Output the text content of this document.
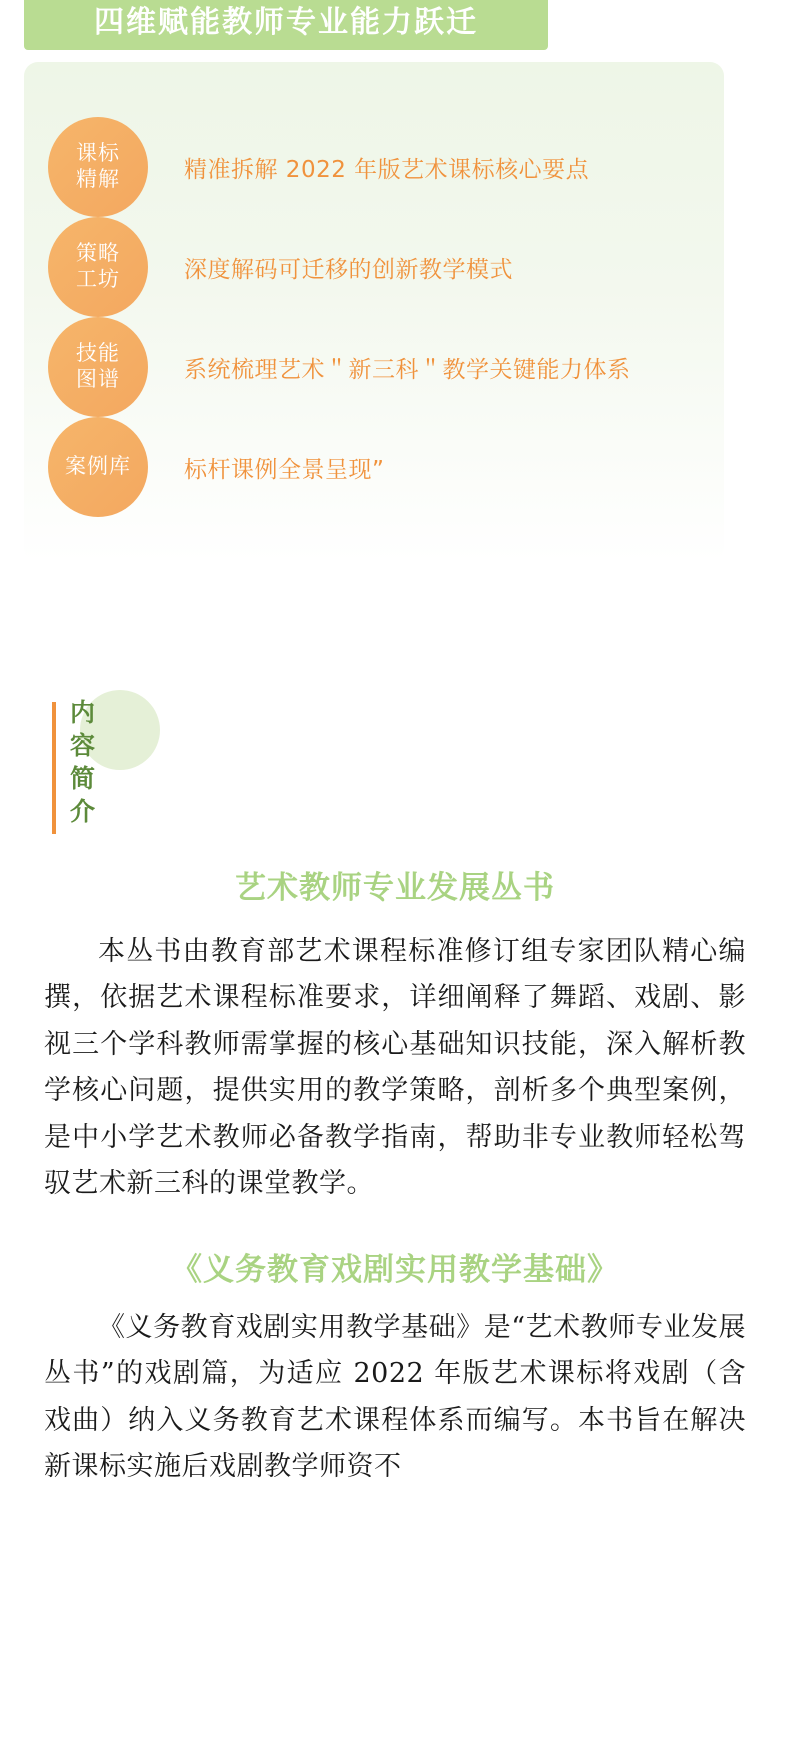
四维赋能教师专业能力跃迁
课标
精解	精准拆解 2022 年版艺术课标核心要点
策略
工坊	深度解码可迁移的创新教学模式
技能
图谱	系统梳理艺术＂新三科＂教学关键能力体系
案例库 标杆课例全景呈现”
内容简介
艺术教师专业发展丛书

本丛书由教育部艺术课程标准修订组专家团队精心编撰，依据艺术课程标准要求，详细阐释了舞蹈、戏剧、影视三个学科教师需掌握的核心基础知识技能，深入解析教学核心问题，提供实用的教学策略，剖析多个典型案例，是中小学艺术教师必备教学指南，帮助非专业教师轻松驾驭艺术新三科的课堂教学。

《义务教育戏剧实用教学基础》

《义务教育戏剧实用教学基础》是“艺术教师专业发展丛书”的戏剧篇，为适应 2022 年版艺术课标将戏剧（含戏曲）纳入义务教育艺术课程体系而编写。本书旨在解决新课标实施后戏剧教学师资不
